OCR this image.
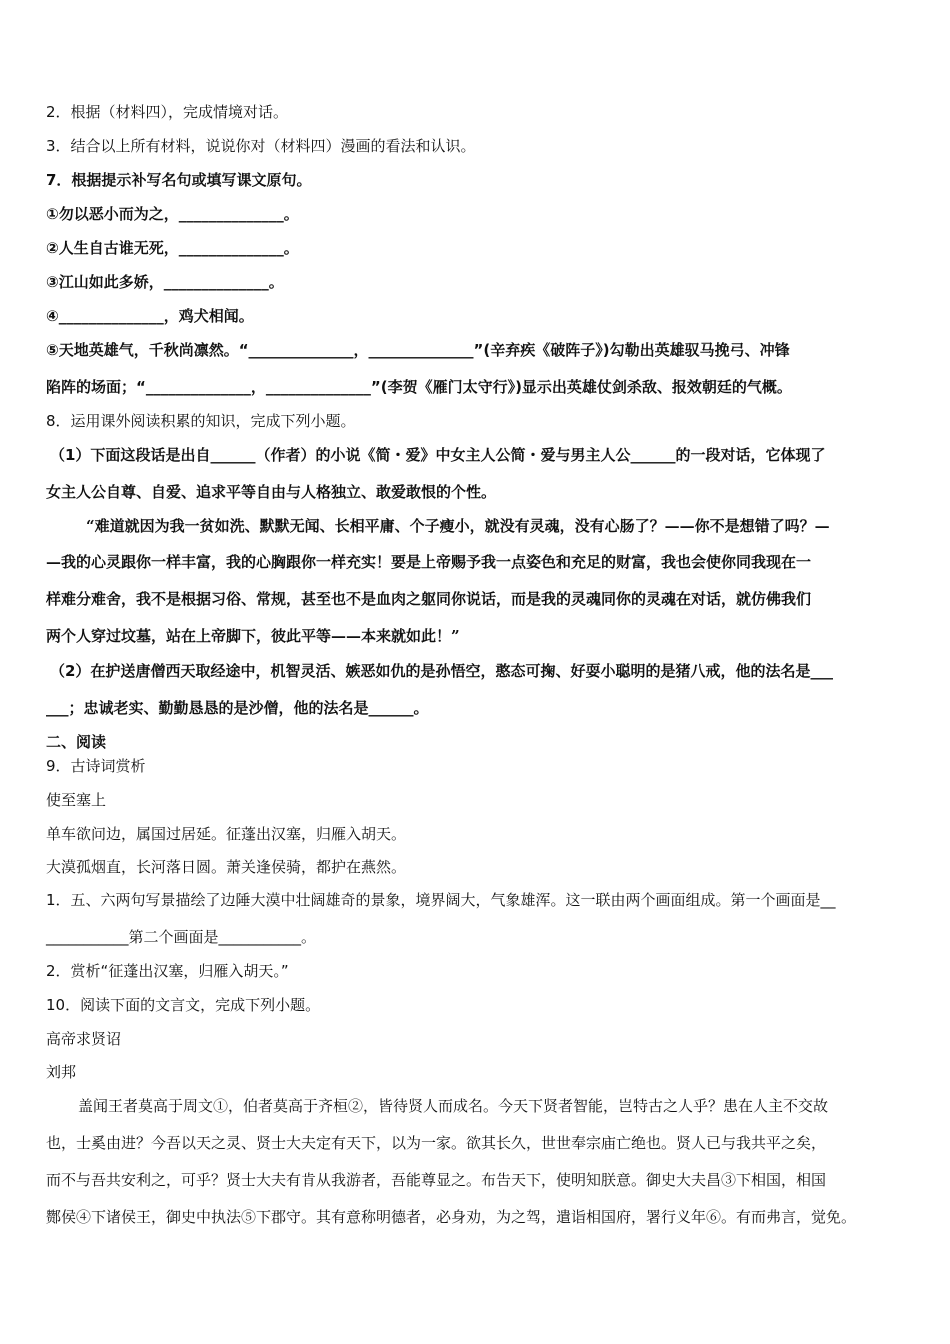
2．根据（材料四），完成情境对话。
3．结合以上所有材料，说说你对（材料四）漫画的看法和认识。
7．根据提示补写名句或填写课文原句。
①勿以恶小而为之，______________。
②人生自古谁无死，______________。
③江山如此多娇，______________。
④______________，鸡犬相闻。
⑤天地英雄气，千秋尚凛然。“______________，______________”(辛弃疾《破阵子》)勾勒出英雄驭马挽弓、冲锋
陷阵的场面；“______________，______________”(李贺《雁门太守行》)显示出英雄仗剑杀敌、报效朝廷的气概。
8．运用课外阅读积累的知识，完成下列小题。
（1）下面这段话是出自______（作者）的小说《简・爱》中女主人公简・爱与男主人公______的一段对话，它体现了
女主人公自尊、自爱、追求平等自由与人格独立、敢爱敢恨的个性。
“难道就因为我一贫如洗、默默无闻、长相平庸、个子瘦小，就没有灵魂，没有心肠了？——你不是想错了吗？—
—我的心灵跟你一样丰富，我的心胸跟你一样充实！要是上帝赐予我一点姿色和充足的财富，我也会使你同我现在一
样难分难舍，我不是根据习俗、常规，甚至也不是血肉之躯同你说话，而是我的灵魂同你的灵魂在对话，就仿佛我们
两个人穿过坟墓，站在上帝脚下，彼此平等——本来就如此！”
（2）在护送唐僧西天取经途中，机智灵活、嫉恶如仇的是孙悟空，憨态可掬、好耍小聪明的是猪八戒，他的法名是___
___；忠诚老实、勤勤恳恳的是沙僧，他的法名是______。
二、阅读
9．古诗词赏析
使至塞上
单车欲问边，属国过居延。征蓬出汉塞，归雁入胡天。
大漠孤烟直，长河落日圆。萧关逢侯骑，都护在燕然。
1．五、六两句写景描绘了边陲大漠中壮阔雄奇的景象，境界阔大，气象雄浑。这一联由两个画面组成。第一个画面是__
___________第二个画面是___________。
2．赏析“征蓬出汉塞，归雁入胡天。”
10．阅读下面的文言文，完成下列小题。
高帝求贤诏
刘邦
盖闻王者莫高于周文①，伯者莫高于齐桓②，皆待贤人而成名。今天下贤者智能，岂特古之人乎？患在人主不交故
也，士奚由进？今吾以天之灵、贤士大夫定有天下，以为一家。欲其长久，世世奉宗庙亡绝也。贤人已与我共平之矣，
而不与吾共安利之，可乎？贤士大夫有肯从我游者，吾能尊显之。布告天下，使明知朕意。御史大夫昌③下相国，相国
酂侯④下诸侯王，御史中执法⑤下郡守。其有意称明德者，必身劝，为之驾，遣诣相国府，署行义年⑥。有而弗言，觉免。
